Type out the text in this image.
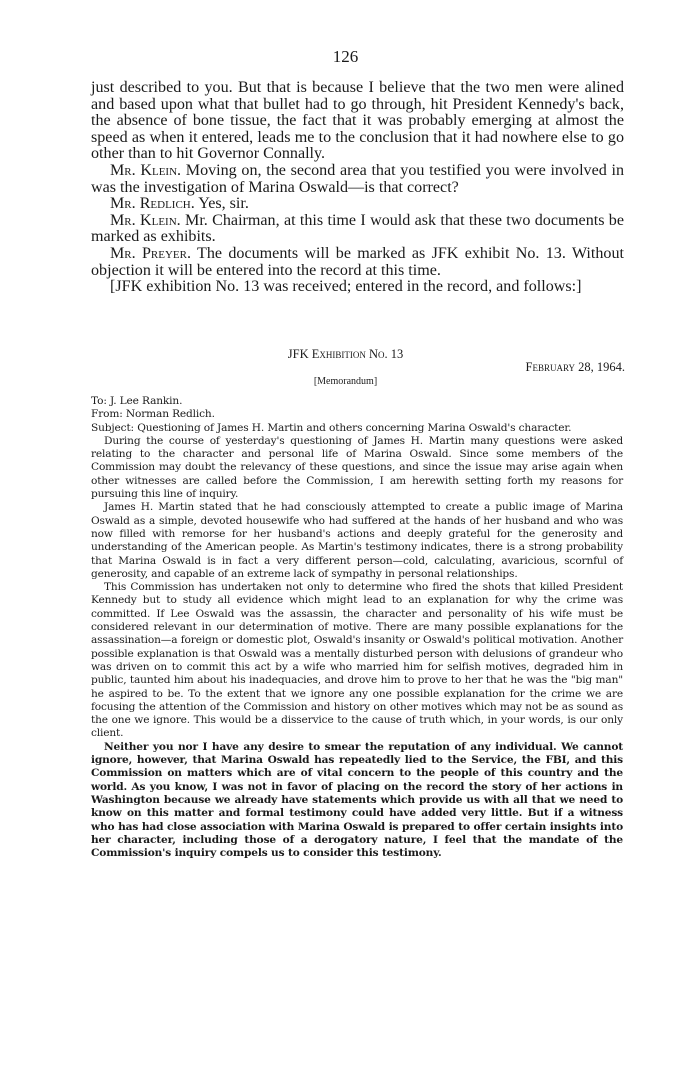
126

just described to you. But that is because I believe that the two men were alined and based upon what that bullet had to go through, hit President Kennedy's back, the absence of bone tissue, the fact that it was probably emerging at almost the speed as when it entered, leads me to the conclusion that it had nowhere else to go other than to hit Governor Connally.

Mr. Klein. Moving on, the second area that you testified you were involved in was the investigation of Marina Oswald—is that correct?

Mr. Redlich. Yes, sir.

Mr. Klein. Mr. Chairman, at this time I would ask that these two documents be marked as exhibits.

Mr. Preyer. The documents will be marked as JFK exhibit No. 13. Without objection it will be entered into the record at this time.

[JFK exhibition No. 13 was received; entered in the record, and follows:]

JFK Exhibition No. 13
February 28, 1964.
[Memorandum]

To: J. Lee Rankin.

From: Norman Redlich.

Subject: Questioning of James H. Martin and others concerning Marina Oswald's character.

During the course of yesterday's questioning of James H. Martin many questions were asked relating to the character and personal life of Marina Oswald. Since some members of the Commission may doubt the relevancy of these questions, and since the issue may arise again when other witnesses are called before the Commission, I am herewith setting forth my reasons for pursuing this line of inquiry.

James H. Martin stated that he had consciously attempted to create a public image of Marina Oswald as a simple, devoted housewife who had suffered at the hands of her husband and who was now filled with remorse for her husband's actions and deeply grateful for the generosity and understanding of the American people. As Martin's testimony indicates, there is a strong probability that Marina Oswald is in fact a very different person—cold, calculating, avaricious, scornful of generosity, and capable of an extreme lack of sympathy in personal relationships.

This Commission has undertaken not only to determine who fired the shots that killed President Kennedy but to study all evidence which might lead to an explanation for why the crime was committed. If Lee Oswald was the assassin, the character and personality of his wife must be considered relevant in our determination of motive. There are many possible explanations for the assassination—a foreign or domestic plot, Oswald's insanity or Oswald's political motivation. Another possible explanation is that Oswald was a mentally disturbed person with delusions of grandeur who was driven on to commit this act by a wife who married him for selfish motives, degraded him in public, taunted him about his inadequacies, and drove him to prove to her that he was the "big man" he aspired to be. To the extent that we ignore any one possible explanation for the crime we are focusing the attention of the Commission and history on other motives which may not be as sound as the one we ignore. This would be a disservice to the cause of truth which, in your words, is our only client.

Neither you nor I have any desire to smear the reputation of any individual. We cannot ignore, however, that Marina Oswald has repeatedly lied to the Service, the FBI, and this Commission on matters which are of vital concern to the people of this country and the world. As you know, I was not in favor of placing on the record the story of her actions in Washington because we already have statements which provide us with all that we need to know on this matter and formal testimony could have added very little. But if a witness who has had close association with Marina Oswald is prepared to offer certain insights into her character, including those of a derogatory nature, I feel that the mandate of the Commission's inquiry compels us to consider this testimony.
